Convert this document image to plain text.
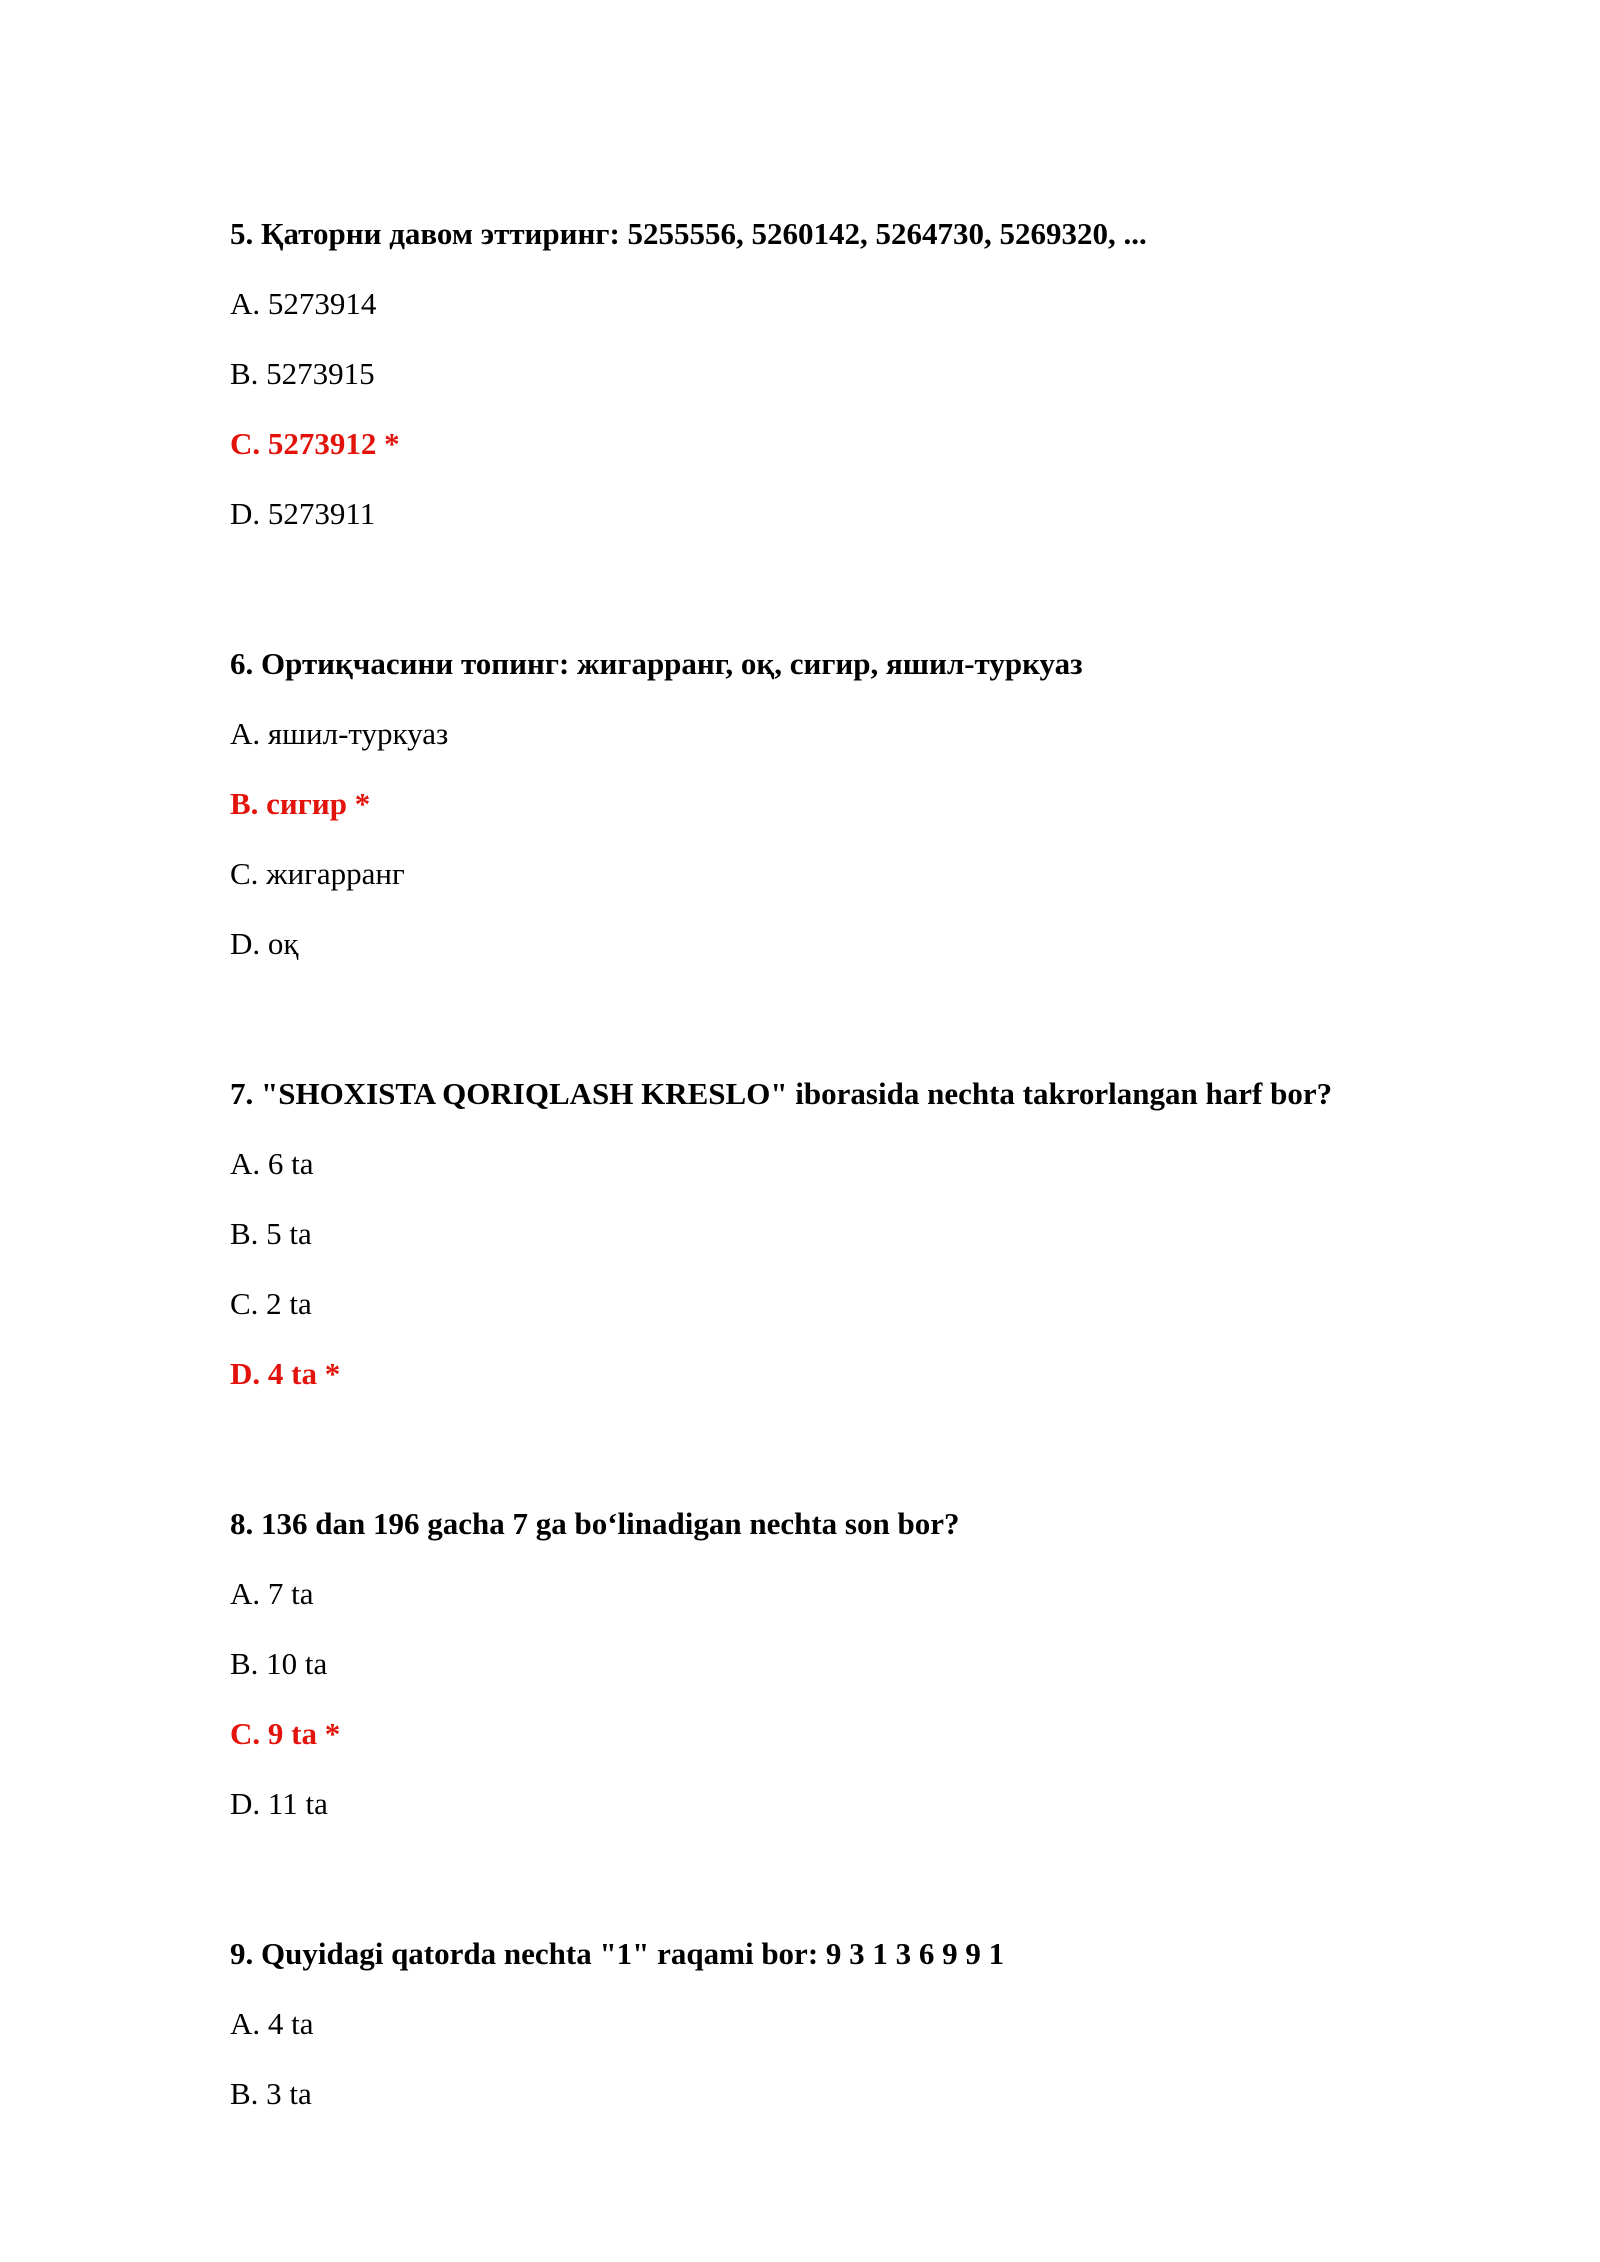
5. Қаторни давом эттиринг: 5255556, 5260142, 5264730, 5269320, ...
A. 5273914
B. 5273915
C. 5273912 *
D. 5273911
6. Ортиқчасини топинг: жигарранг, оқ, сигир, яшил-туркуаз
A. яшил-туркуаз
B. сигир *
C. жигарранг
D. оқ
7. "SHOXISTA QORIQLASH KRESLO" iborasida nechta takrorlangan harf bor?
A. 6 ta
B. 5 ta
C. 2 ta
D. 4 ta *
8. 136 dan 196 gacha 7 ga bo‘linadigan nechta son bor?
A. 7 ta
B. 10 ta
C. 9 ta *
D. 11 ta
9. Quyidagi qatorda nechta "1" raqami bor: 9 3 1 3 6 9 9 1
A. 4 ta
B. 3 ta
